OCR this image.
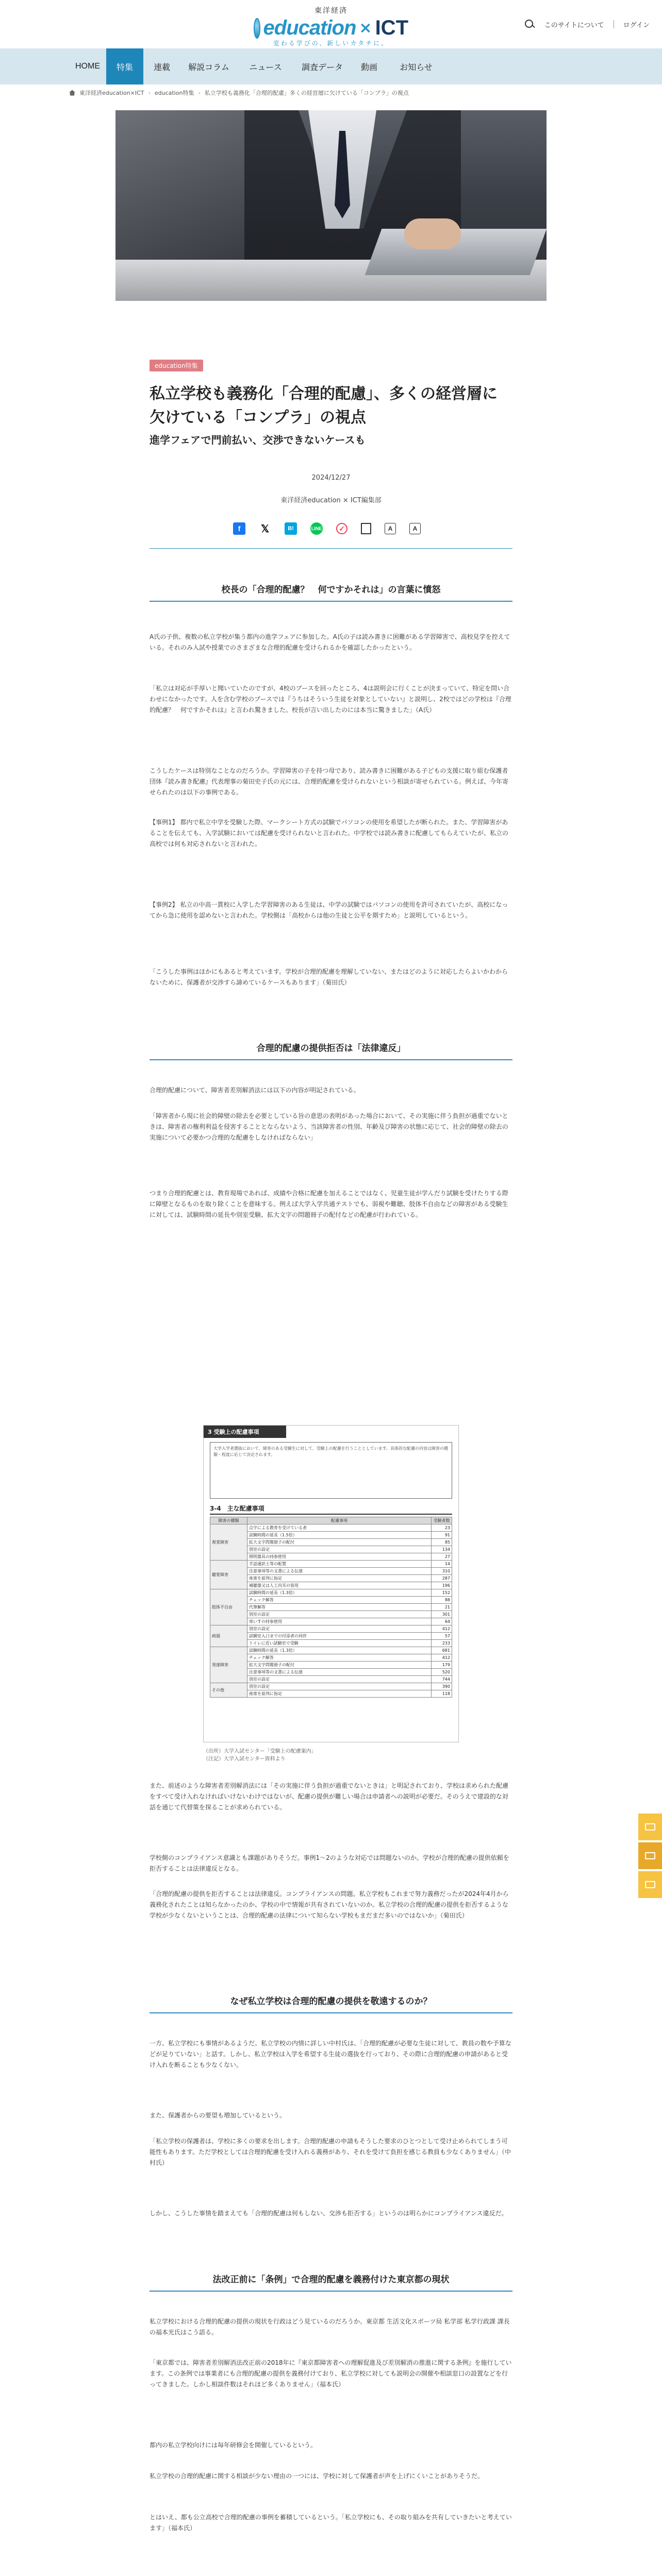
東洋経済
education × ICT
変わる学びの、新しいカタチに。
このサイトについて	ログイン
HOME	特集	連載	解説コラム	ニュース	調査データ	動画	お知らせ
東洋経済education×ICT › education特集 › 私立学校も義務化「合理的配慮」多くの経営層に欠けている「コンプラ」の視点
education特集
私立学校も義務化「合理的配慮」、多くの経営層に欠けている「コンプラ」の視点
進学フェアで門前払い、交渉できないケースも
2024/12/27
東洋経済education × ICT編集部
f	𝕏	B!	LINE	✓	A	A
校長の「合理的配慮？　何ですかそれは」の言葉に憤怒

A氏の子供、複数の私立学校が集う都内の進学フェアに参加した。A氏の子は読み書きに困難がある学習障害で、高校見学を控えている。それのみ入試や授業でのさまざまな合理的配慮を受けられるかを確認したかったという。

「私立は対応が手厚いと聞いていたのですが、4校のブースを回ったところ、4は説明会に行くことが決まっていて、特定を問い合わせになかったです。人を含む学校のブースでは『うちはそういう生徒を対象としていない』と説明し、2校ではどの学校は『合理的配慮？　何ですかそれは』と言われ驚きました。校長が言い出したのには本当に驚きました」（A氏）

こうしたケースは特別なことなのだろうか。学習障害の子を持つ母であり、読み書きに困難がある子どもの支援に取り組む保護者団体『読み書き配慮』代表理事の菊田史子氏の元には、合理的配慮を受けられないという相談が寄せられている。例えば、今年寄せられたのは以下の事例である。

【事例1】 都内で私立中学を受験した際、マークシート方式の試験でパソコンの使用を希望したが断られた。また、学習障害があることを伝えても、入学試験においては配慮を受けられないと言われた。中学校では読み書きに配慮してもらえていたが、私立の高校では何も対応されないと言われた。

【事例2】 私立の中高一貫校に入学した学習障害のある生徒は、中学の試験ではパソコンの使用を許可されていたが、高校になってから急に使用を認めないと言われた。学校側は「高校からは他の生徒と公平を期すため」と説明しているという。

「こうした事例はほかにもあると考えています。学校が合理的配慮を理解していない、またはどのように対応したらよいかわからないために、保護者が交渉すら諦めているケースもあります」（菊田氏）

合理的配慮の提供拒否は「法律違反」

合理的配慮について、障害者差別解消法には以下の内容が明記されている。

「障害者から現に社会的障壁の除去を必要としている旨の意思の表明があった場合において、その実施に伴う負担が過重でないときは、障害者の権利利益を侵害することとならないよう、当該障害者の性別、年齢及び障害の状態に応じて、社会的障壁の除去の実施について必要かつ合理的な配慮をしなければならない」

つまり合理的配慮とは、教育現場であれば、成績や合格に配慮を加えることではなく、児童生徒が学んだり試験を受けたりする際に障壁となるものを取り除くことを意味する。例えば大学入学共通テストでも、弱視や難聴、肢体不自由などの障害がある受験生に対しては、試験時間の延長や別室受験、拡大文字の問題冊子の配付などの配慮が行われている。

3 受験上の配慮事項
大学入学者選抜において、障害のある受験生に対して、受験上の配慮を行うこととしています。具体的な配慮の内容は障害の種類・程度に応じて決定されます。
3-4　主な配慮事項
障害の種類	配慮事項	受験者数
視覚障害	点字による教育を受けている者	23
	試験時間の延長（1.5倍）	91
	拡大文字問題冊子の配付	85
	別室の設定	134
	照明器具の持参使用	27
聴覚障害	手話通訳士等の配置	14
	注意事項等の文書による伝達	310
	座席を前列に指定	287
	補聴器又は人工内耳の装用	196
肢体不自由	試験時間の延長（1.3倍）	152
	チェック解答	88
	代筆解答	21
	別室の設定	301
	車いすの持参使用	64
病弱	別室の設定	412
	試験室入口までの付添者の同伴	57
	トイレに近い試験室で受験	233
発達障害	試験時間の延長（1.3倍）	681
	チェック解答	412
	拡大文字問題冊子の配付	179
	注意事項等の文書による伝達	520
	別室の設定	744
その他	別室の設定	390
	座席を前列に指定	118
（出所）大学入試センター「受験上の配慮案内」
（注記）大学入試センター資料より

また、前述のような障害者差別解消法には「その実施に伴う負担が過重でないときは」と明記されており、学校は求められた配慮をすべて受け入れなければいけないわけではないが、配慮の提供が難しい場合は申請者への説明が必要だ。そのうえで建設的な対話を通じて代替策を探ることが求められている。

学校側のコンプライアンス意識とも課題がありそうだ。事例1〜2のような対応では問題ないのか。学校が合理的配慮の提供依頼を拒否することは法律違反となる。

「合理的配慮の提供を拒否することは法律違反。コンプライアンスの問題。私立学校もこれまで努力義務だったが2024年4月から義務化されたことは知らなかったのか、学校の中で情報が共有されていないのか。私立学校の合理的配慮の提供を拒否するような学校が少なくないということは、合理的配慮の法律について知らない学校もまだまだ多いのではないか」（菊田氏）

なぜ私立学校は合理的配慮の提供を敬遠するのか？

一方、私立学校にも事情があるようだ。私立学校の内情に詳しい中村氏は、「合理的配慮が必要な生徒に対して、教員の数や予算などが足りていない」と話す。しかし、私立学校は入学を希望する生徒の選抜を行っており、その際に合理的配慮の申請があると受け入れを断ることも少なくない。

また、保護者からの要望も増加しているという。

「私立学校の保護者は、学校に多くの要求を出します。合理的配慮の申請もそうした要求のひとつとして受け止められてしまう可能性もあります。ただ学校としては合理的配慮を受け入れる義務があり、それを受けて負担を感じる教員も少なくありません」（中村氏）

しかし、こうした事情を踏まえても「合理的配慮は何もしない、交渉も拒否する」というのは明らかにコンプライアンス違反だ。

法改正前に「条例」で合理的配慮を義務付けた東京都の現状

私立学校における合理的配慮の提供の現状を行政はどう見ているのだろうか。東京都 生活文化スポーツ局 私学部 私学行政課 課長の福本光氏はこう語る。

「東京都では、障害者差別解消法改正前の2018年に『東京都障害者への理解促進及び差別解消の推進に関する条例』を施行しています。この条例では事業者にも合理的配慮の提供を義務付けており、私立学校に対しても説明会の開催や相談窓口の設置などを行ってきました。しかし相談件数はそれほど多くありません」（福本氏）

都内の私立学校向けには毎年研修会を開催しているという。

私立学校の合理的配慮に関する相談が少ない理由の一つには、学校に対して保護者が声を上げにくいことがありそうだ。

とはいえ、都も公立高校で合理的配慮の事例を蓄積しているという。「私立学校にも、その取り組みを共有していきたいと考えています」（福本氏）
